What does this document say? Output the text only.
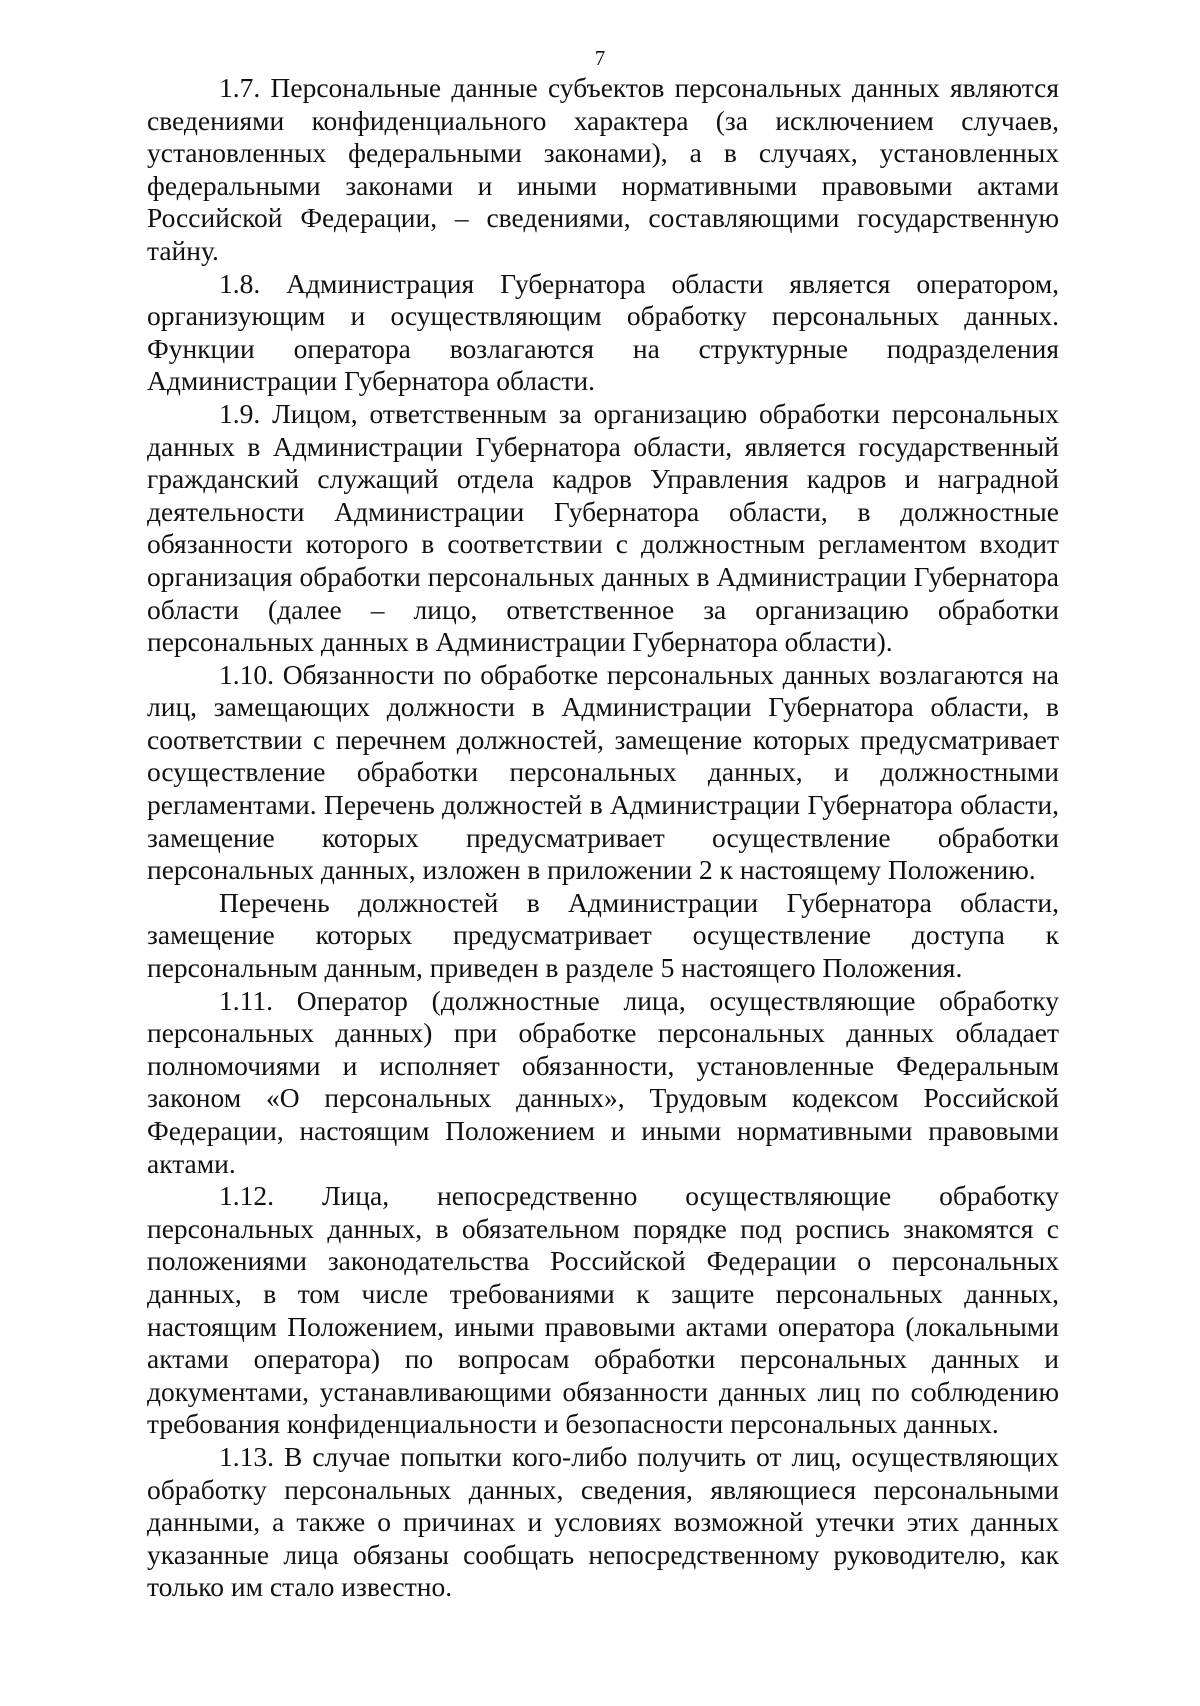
7

1.7. Персональные данные субъектов персональных данных являются сведениями конфиденциального характера (за исключением случаев, установленных федеральными законами), а в случаях, установленных федеральными законами и иными нормативными правовыми актами Российской Федерации, – сведениями, составляющими государственную тайну.

1.8. Администрация Губернатора области является оператором, организующим и осуществляющим обработку персональных данных. Функции оператора возлагаются на структурные подразделения Администрации Губернатора области.

1.9. Лицом, ответственным за организацию обработки персональных данных в Администрации Губернатора области, является государственный гражданский служащий отдела кадров Управления кадров и наградной деятельности Администрации Губернатора области, в должностные обязанности которого в соответствии с должностным регламентом входит организация обработки персональных данных в Администрации Губернатора области (далее – лицо, ответственное за организацию обработки персональных данных в Администрации Губернатора области).

1.10. Обязанности по обработке персональных данных возлагаются на лиц, замещающих должности в Администрации Губернатора области, в соответствии с перечнем должностей, замещение которых предусматривает осуществление обработки персональных данных, и должностными регламентами. Перечень должностей в Администрации Губернатора области, замещение которых предусматривает осуществление обработки персональных данных, изложен в приложении 2 к настоящему Положению.

Перечень должностей в Администрации Губернатора области, замещение которых предусматривает осуществление доступа к персональным данным, приведен в разделе 5 настоящего Положения.

1.11. Оператор (должностные лица, осуществляющие обработку персональных данных) при обработке персональных данных обладает полномочиями и исполняет обязанности, установленные Федеральным законом «О персональных данных», Трудовым кодексом Российской Федерации, настоящим Положением и иными нормативными правовыми актами.

1.12. Лица, непосредственно осуществляющие обработку персональных данных, в обязательном порядке под роспись знакомятся с положениями законодательства Российской Федерации о персональных данных, в том числе требованиями к защите персональных данных, настоящим Положением, иными правовыми актами оператора (локальными актами оператора) по вопросам обработки персональных данных и документами, устанавливающими обязанности данных лиц по соблюдению требования конфиденциальности и безопасности персональных данных.

1.13. В случае попытки кого-либо получить от лиц, осуществляющих обработку персональных данных, сведения, являющиеся персональными данными, а также о причинах и условиях возможной утечки этих данных указанные лица обязаны сообщать непосредственному руководителю, как только им стало известно.
